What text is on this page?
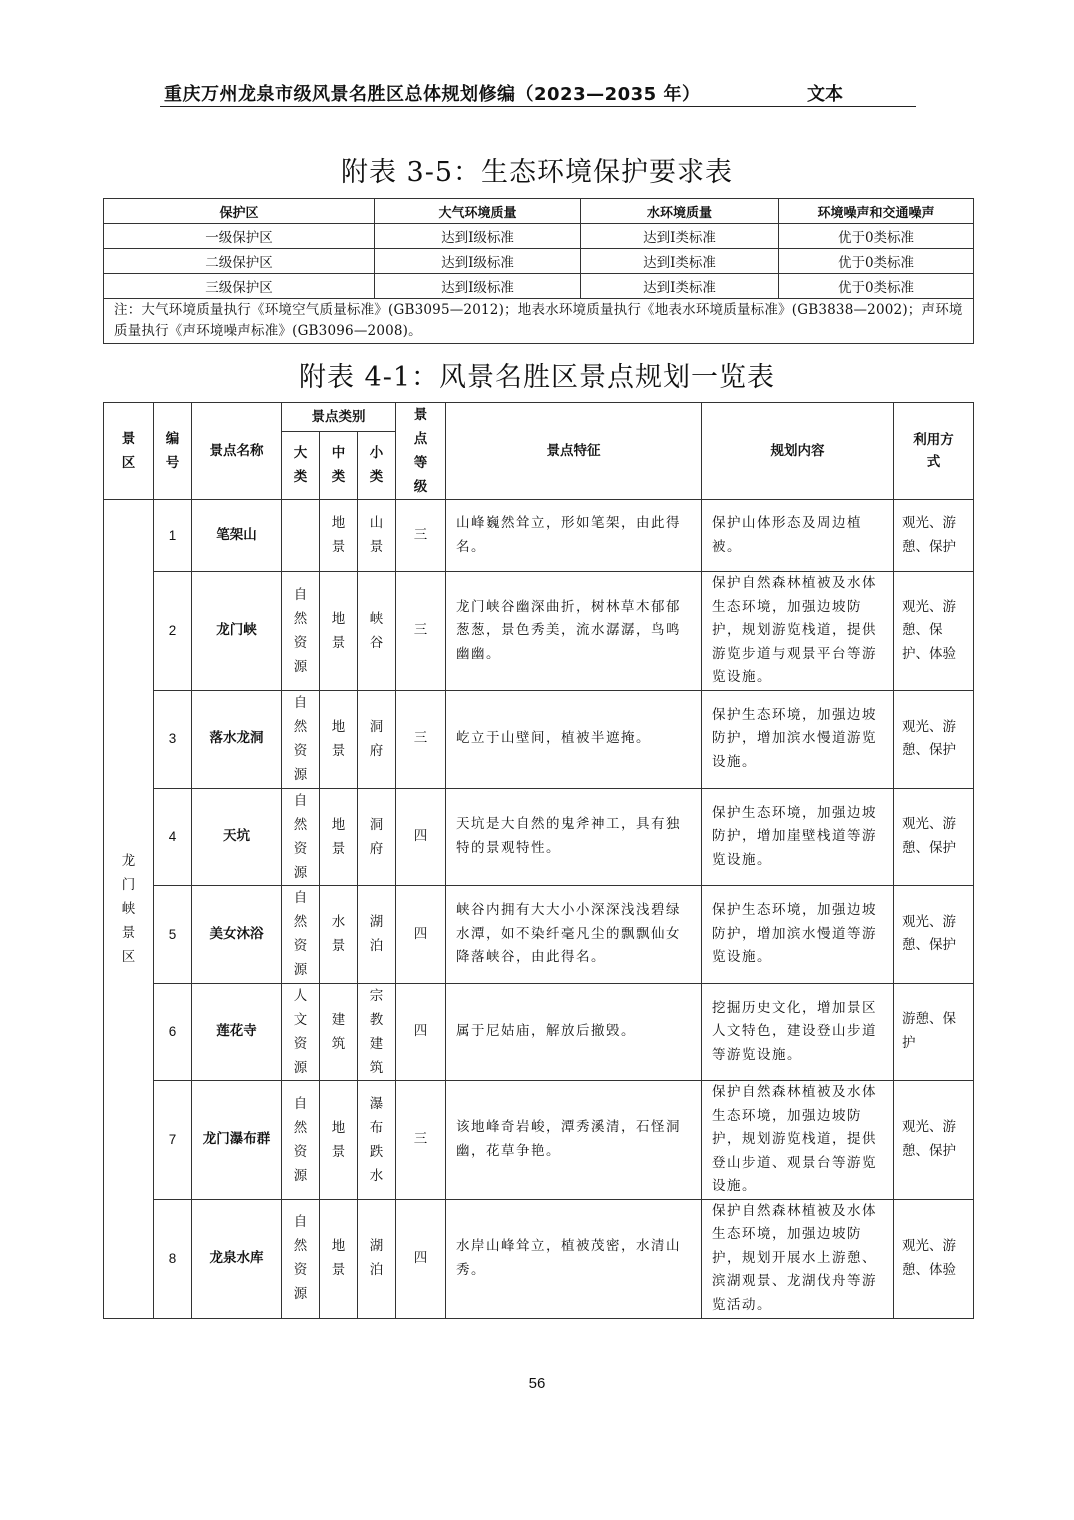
重庆万州龙泉市级风景名胜区总体规划修编（2023—2035 年）	文本
附表 3-5：生态环境保护要求表
保护区	大气环境质量	水环境质量	环境噪声和交通噪声
一级保护区	达到Ⅰ级标准	达到Ⅰ类标准	优于0类标准
二级保护区	达到Ⅰ级标准	达到Ⅰ类标准	优于0类标准
三级保护区	达到Ⅰ级标准	达到Ⅰ类标准	优于0类标准
注：大气环境质量执行《环境空气质量标准》(GB3095—2012)；地表水环境质量执行《地表水环境质量标准》(GB3838—2002)；声环境质量执行《声环境噪声标准》(GB3096—2008)。			
附表 4-1：风景名胜区景点规划一览表
景区	编号	景点名称	景点类别			景点等级	景点特征	规划内容	利用方式
			大类	中类	小类				
龙门峡景区	1	笔架山		地景	山景	三	山峰巍然耸立，形如笔架，由此得名。	保护山体形态及周边植被。	观光、游憩、保护
	2	龙门峡	自然资源	地景	峡谷	三	龙门峡谷幽深曲折，树林草木郁郁葱葱，景色秀美，流水潺潺，鸟鸣幽幽。	保护自然森林植被及水体生态环境，加强边坡防护，规划游览栈道，提供游览步道与观景平台等游览设施。	观光、游憩、保护、体验
	3	落水龙洞	自然资源	地景	洞府	三	屹立于山壁间，植被半遮掩。	保护生态环境，加强边坡防护，增加滨水慢道游览设施。	观光、游憩、保护
	4	天坑	自然资源	地景	洞府	四	天坑是大自然的鬼斧神工，具有独特的景观特性。	保护生态环境，加强边坡防护，增加崖壁栈道等游览设施。	观光、游憩、保护
	5	美女沐浴	自然资源	水景	湖泊	四	峡谷内拥有大大小小深深浅浅碧绿水潭，如不染纤毫凡尘的飘飘仙女降落峡谷，由此得名。	保护生态环境，加强边坡防护，增加滨水慢道等游览设施。	观光、游憩、保护
	6	莲花寺	人文资源	建筑	宗教建筑	四	属于尼姑庙，解放后撤毁。	挖掘历史文化，增加景区人文特色，建设登山步道等游览设施。	游憩、保护
	7	龙门瀑布群	自然资源	地景	瀑布跌水	三	该地峰奇岩峻，潭秀溪清，石怪洞幽，花草争艳。	保护自然森林植被及水体生态环境，加强边坡防护，规划游览栈道，提供登山步道、观景台等游览设施。	观光、游憩、保护
	8	龙泉水库	自然资源	地景	湖泊	四	水岸山峰耸立，植被茂密，水清山秀。	保护自然森林植被及水体生态环境，加强边坡防护，规划开展水上游憩、滨湖观景、龙湖伐舟等游览活动。	观光、游憩、体验
56
